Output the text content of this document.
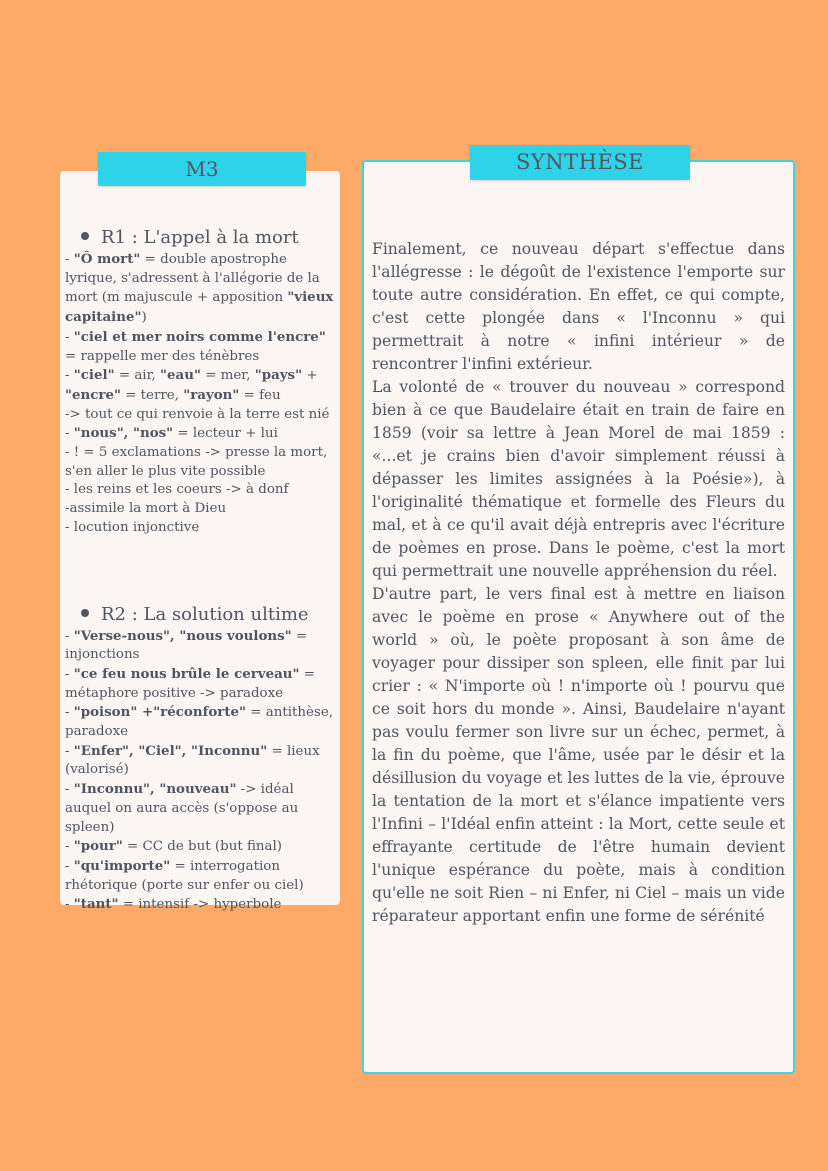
R1 : L'appel à la mort
- "Ô mort" = double apostrophe lyrique, s'adressent à l'allégorie de la mort (m majuscule + apposition "vieux capitaine")
- "ciel et mer noirs comme l'encre" = rappelle mer des ténèbres
- "ciel" = air, "eau" = mer, "pays" + "encre" = terre, "rayon" = feu
-> tout ce qui renvoie à la terre est nié
- "nous", "nos" = lecteur + lui
- ! = 5 exclamations -> presse la mort, s'en aller le plus vite possible
- les reins et les coeurs -> à donf
-assimile la mort à Dieu
- locution injonctive
R2 : La solution ultime
- "Verse-nous", "nous voulons" = injonctions
- "ce feu nous brûle le cerveau" = métaphore positive -> paradoxe
- "poison" +"réconforte" = antithèse, paradoxe
- "Enfer", "Ciel", "Inconnu" = lieux (valorisé)
- "Inconnu", "nouveau" -> idéal auquel on aura accès (s'oppose au spleen)
- "pour" = CC de but (but final)
- "qu'importe" = interrogation rhétorique (porte sur enfer ou ciel)
- "tant" = intensif -> hyperbole
M3

Finalement, ce nouveau départ s'effectue dans l'allégresse : le dégoût de l'existence l'emporte sur toute autre considération. En effet, ce qui compte, c'est cette plongée dans « l'Inconnu » qui permettrait à notre « infini intérieur » de rencontrer l'infini extérieur.

La volonté de « trouver du nouveau » correspond bien à ce que Baudelaire était en train de faire en 1859 (voir sa lettre à Jean Morel de mai 1859 : «...et je crains bien d'avoir simplement réussi à dépasser les limites assignées à la Poésie»), à l'originalité thématique et formelle des Fleurs du mal, et à ce qu'il avait déjà entrepris avec l'écriture de poèmes en prose. Dans le poème, c'est la mort qui permettrait une nouvelle appréhension du réel.

D'autre part, le vers final est à mettre en liaison avec le poème en prose « Anywhere out of the world » où, le poète proposant à son âme de voyager pour dissiper son spleen, elle finit par lui crier : « N'importe où ! n'importe où ! pourvu que ce soit hors du monde ». Ainsi, Baudelaire n'ayant pas voulu fermer son livre sur un échec, permet, à la fin du poème, que l'âme, usée par le désir et la désillusion du voyage et les luttes de la vie, éprouve la tentation de la mort et s'élance impatiente vers l'Infini – l'Idéal enfin atteint : la Mort, cette seule et effrayante certitude de l'être humain devient l'unique espérance du poète, mais à condition qu'elle ne soit Rien – ni Enfer, ni Ciel – mais un vide réparateur apportant enfin une forme de sérénité

SYNTHÈSE
